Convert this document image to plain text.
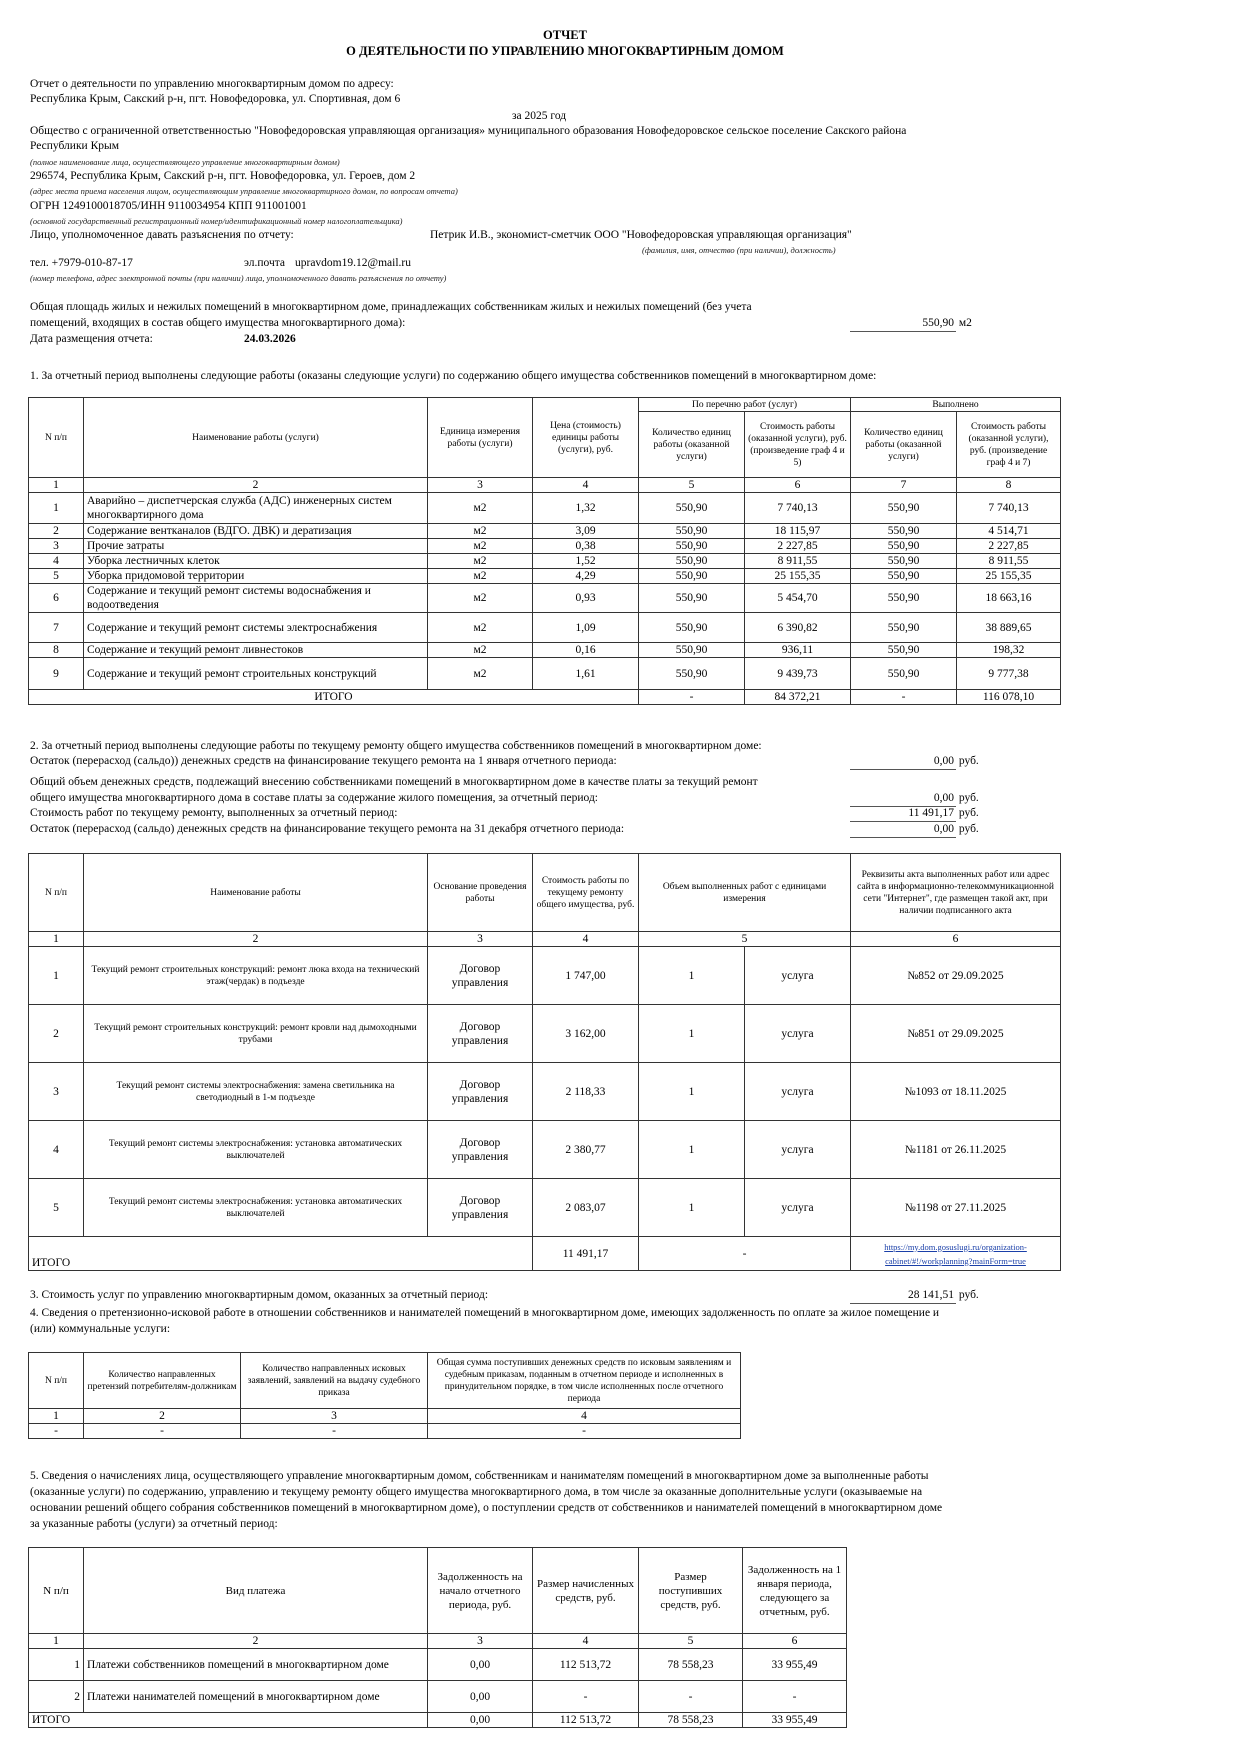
ОТЧЕТ
О ДЕЯТЕЛЬНОСТИ ПО УПРАВЛЕНИЮ МНОГОКВАРТИРНЫМ ДОМОМ
Отчет о деятельности по управлению многоквартирным домом по адресу:
Республика Крым, Сакский р-н, пгт. Новофедоровка, ул. Спортивная, дом 6
за 2025 год
Общество с ограниченной ответственностью "Новофедоровская управляющая организация» муниципального образования Новофедоровское сельское поселение Сакского района
Республики Крым
(полное наименование лица, осуществляющего управление многоквартирным домом)
296574, Республика Крым, Сакский р-н, пгт. Новофедоровка, ул. Героев, дом 2
(адрес места приема населения лицом, осуществляющим управление многоквартирного домом, по вопросам отчета)
ОГРН 1249100018705/ИНН 9110034954 КПП 911001001
(основной государственный регистрационный номер/идентификационный номер налогоплательщика)
Лицо, уполномоченное давать разъяснения по отчету:	Петрик И.В., экономист-сметчик ООО "Новофедоровская управляющая организация"
(фамилия, имя, отчество (при наличии), должность)
тел. +7979-010-87-17	эл.почта upravdom19.12@mail.ru
(номер телефона, адрес электронной почты (при наличии) лица, уполномоченного давать разъяснения по отчету)
Общая площадь жилых и нежилых помещений в многоквартирном доме, принадлежащих собственникам жилых и нежилых помещений (без учета
помещений, входящих в состав общего имущества многоквартирного дома):	550,90 м2
Дата размещения отчета:	24.03.2026
1. За отчетный период выполнены следующие работы (оказаны следующие услуги) по содержанию общего имущества собственников помещений в многоквартирном доме:
N п/п	Наименование работы (услуги)	Единица измерения работы (услуги)	Цена (стоимость) единицы работы (услуги), руб.	По перечню работ (услуг)		Выполнено	
				Количество единиц работы (оказанной услуги)	Стоимость работы (оказанной услуги), руб. (произведение граф 4 и 5)	Количество единиц работы (оказанной услуги)	Стоимость работы (оказанной услуги), руб. (произведение граф 4 и 7)
1	2	3	4	5	6	7	8
1	Аварийно – диспетчерская служба (АДС) инженерных систем многоквартирного дома	м2	1,32	550,90	7 740,13	550,90	7 740,13
2	Содержание вентканалов (ВДГО. ДВК) и дератизация	м2	3,09	550,90	18 115,97	550,90	4 514,71
3	Прочие затраты	м2	0,38	550,90	2 227,85	550,90	2 227,85
4	Уборка лестничных клеток	м2	1,52	550,90	8 911,55	550,90	8 911,55
5	Уборка придомовой территории	м2	4,29	550,90	25 155,35	550,90	25 155,35
6	Содержание и текущий ремонт системы водоснабжения и водоотведения	м2	0,93	550,90	5 454,70	550,90	18 663,16
7	Содержание и текущий ремонт системы электроснабжения	м2	1,09	550,90	6 390,82	550,90	38 889,65
8	Содержание и текущий ремонт ливнестоков	м2	0,16	550,90	936,11	550,90	198,32
9	Содержание и текущий ремонт строительных конструкций	м2	1,61	550,90	9 439,73	550,90	9 777,38
ИТОГО				-	84 372,21	-	116 078,10
2. За отчетный период выполнены следующие работы по текущему ремонту общего имущества собственников помещений в многоквартирном доме:
Остаток (перерасход (сальдо)) денежных средств на финансирование текущего ремонта на 1 января отчетного периода:	0,00 руб.
Общий объем денежных средств, подлежащий внесению собственниками помещений в многоквартирном доме в качестве платы за текущий ремонт
общего имущества многоквартирного дома в составе платы за содержание жилого помещения, за отчетный период:	0,00 руб.
Стоимость работ по текущему ремонту, выполненных за отчетный период:	11 491,17 руб.
Остаток (перерасход (сальдо) денежных средств на финансирование текущего ремонта на 31 декабря отчетного периода:	0,00 руб.
N п/п	Наименование работы	Основание проведения работы	Стоимость работы по текущему ремонту общего имущества, руб.	Объем выполненных работ с единицами измерения		Реквизиты акта выполненных работ или адрес сайта в информационно-телекоммуникационной сети "Интернет", где размещен такой акт, при наличии подписанного акта
1	2	3	4	5		6
1	Текущий ремонт строительных конструкций: ремонт люка входа на технический этаж(чердак) в подъезде	Договор управления	1 747,00	1	услуга	№852 от 29.09.2025
2	Текущий ремонт строительных конструкций: ремонт кровли над дымоходными трубами	Договор управления	3 162,00	1	услуга	№851 от 29.09.2025
3	Текущий ремонт системы электроснабжения: замена светильника на светодиодный в 1-м подъезде	Договор управления	2 118,33	1	услуга	№1093 от 18.11.2025
4	Текущий ремонт системы электроснабжения: установка автоматических выключателей	Договор управления	2 380,77	1	услуга	№1181 от 26.11.2025
5	Текущий ремонт системы электроснабжения: установка автоматических выключателей	Договор управления	2 083,07	1	услуга	№1198 от 27.11.2025
ИТОГО			11 491,17	-		https://my.dom.gosuslugi.ru/organization-cabinet/#!/workplanning?mainForm=true
3. Стоимость услуг по управлению многоквартирным домом, оказанных за отчетный период:	28 141,51 руб.
4. Сведения о претензионно-исковой работе в отношении собственников и нанимателей помещений в многоквартирном доме, имеющих задолженность по оплате за жилое помещение и
(или) коммунальные услуги:
N п/п	Количество направленных претензий потребителям-должникам	Количество направленных исковых заявлений, заявлений на выдачу судебного приказа	Общая сумма поступивших денежных средств по исковым заявлениям и судебным приказам, поданным в отчетном периоде и исполненных в принудительном порядке, в том числе исполненных после отчетного периода
1	2	3	4
-	-	-	-
5. Сведения о начислениях лица, осуществляющего управление многоквартирным домом, собственникам и нанимателям помещений в многоквартирном доме за выполненные работы
(оказанные услуги) по содержанию, управлению и текущему ремонту общего имущества многоквартирного дома, в том числе за оказанные дополнительные услуги (оказываемые на
основании решений общего собрания собственников помещений в многоквартирном доме), о поступлении средств от собственников и нанимателей помещений в многоквартирном доме
за указанные работы (услуги) за отчетный период:
N п/п	Вид платежа	Задолженность на начало отчетного периода, руб.	Размер начисленных средств, руб.	Размер поступивших средств, руб.	Задолженность на 1 января периода, следующего за отчетным, руб.
1	2	3	4	5	6
1	Платежи собственников помещений в многоквартирном доме	0,00	112 513,72	78 558,23	33 955,49
2	Платежи нанимателей помещений в многоквартирном доме	0,00	-	-	-
ИТОГО		0,00	112 513,72	78 558,23	33 955,49
